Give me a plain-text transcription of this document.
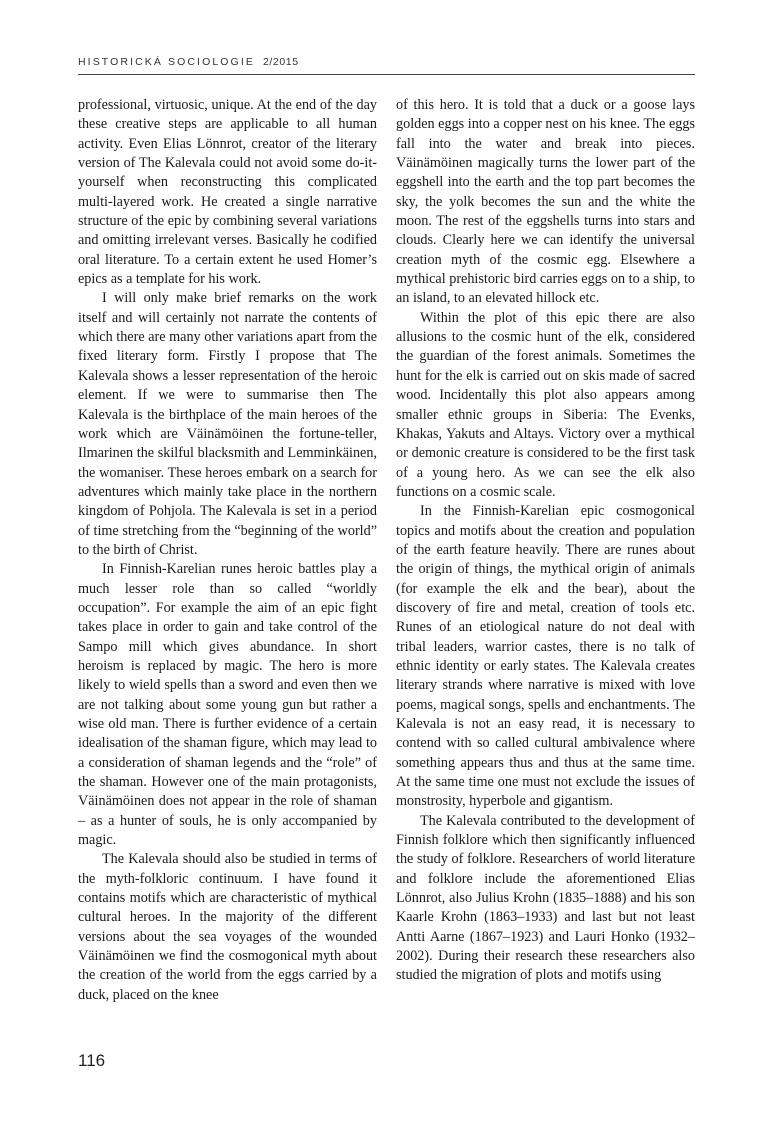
HISTORICKÁ SOCIOLOGIE 2/2015

professional, virtuosic, unique. At the end of the day these creative steps are applicable to all human activity. Even Elias Lönnrot, creator of the literary version of The Kalevala could not avoid some do-it-yourself when reconstructing this complicated multi-layered work. He created a single narrative structure of the epic by combining several variations and omitting irrelevant verses. Basically he codified oral literature. To a certain extent he used Homer’s epics as a template for his work.

I will only make brief remarks on the work itself and will certainly not narrate the contents of which there are many other variations apart from the fixed literary form. Firstly I propose that The Kalevala shows a lesser representation of the heroic element. If we were to summarise then The Kalevala is the birthplace of the main heroes of the work which are Väinämöinen the fortune-teller, Ilmarinen the skilful blacksmith and Lemminkäinen, the womaniser. These heroes embark on a search for adventures which mainly take place in the northern kingdom of Pohjola. The Kalevala is set in a period of time stretching from the “beginning of the world” to the birth of Christ.

In Finnish-Karelian runes heroic battles play a much lesser role than so called “worldly occupation”. For example the aim of an epic fight takes place in order to gain and take control of the Sampo mill which gives abundance. In short heroism is replaced by magic. The hero is more likely to wield spells than a sword and even then we are not talking about some young gun but rather a wise old man. There is further evidence of a certain idealisation of the shaman figure, which may lead to a consideration of shaman legends and the “role” of the shaman. However one of the main protagonists, Väinämöinen does not appear in the role of shaman – as a hunter of souls, he is only accompanied by magic.

The Kalevala should also be studied in terms of the myth-folkloric continuum. I have found it contains motifs which are characteristic of mythical cultural heroes. In the majority of the different versions about the sea voyages of the wounded Väinämöinen we find the cosmogonical myth about the creation of the world from the eggs carried by a duck, placed on the knee

of this hero. It is told that a duck or a goose lays golden eggs into a copper nest on his knee. The eggs fall into the water and break into pieces. Väinämöinen magically turns the lower part of the eggshell into the earth and the top part becomes the sky, the yolk becomes the sun and the white the moon. The rest of the eggshells turns into stars and clouds. Clearly here we can identify the universal creation myth of the cosmic egg. Elsewhere a mythical prehistoric bird carries eggs on to a ship, to an island, to an elevated hillock etc.

Within the plot of this epic there are also allusions to the cosmic hunt of the elk, considered the guardian of the forest animals. Sometimes the hunt for the elk is carried out on skis made of sacred wood. Incidentally this plot also appears among smaller ethnic groups in Siberia: The Evenks, Khakas, Yakuts and Altays. Victory over a mythical or demonic creature is considered to be the first task of a young hero. As we can see the elk also functions on a cosmic scale.

In the Finnish-Karelian epic cosmogonical topics and motifs about the creation and population of the earth feature heavily. There are runes about the origin of things, the mythical origin of animals (for example the elk and the bear), about the discovery of fire and metal, creation of tools etc. Runes of an etiological nature do not deal with tribal leaders, warrior castes, there is no talk of ethnic identity or early states. The Kalevala creates literary strands where narrative is mixed with love poems, magical songs, spells and enchantments. The Kalevala is not an easy read, it is necessary to contend with so called cultural ambivalence where something appears thus and thus at the same time. At the same time one must not exclude the issues of monstrosity, hyperbole and gigantism.

The Kalevala contributed to the development of Finnish folklore which then significantly influenced the study of folklore. Researchers of world literature and folklore include the aforementioned Elias Lönnrot, also Julius Krohn (1835–1888) and his son Kaarle Krohn (1863–1933) and last but not least Antti Aarne (1867–1923) and Lauri Honko (1932–2002). During their research these researchers also studied the migration of plots and motifs using

116
